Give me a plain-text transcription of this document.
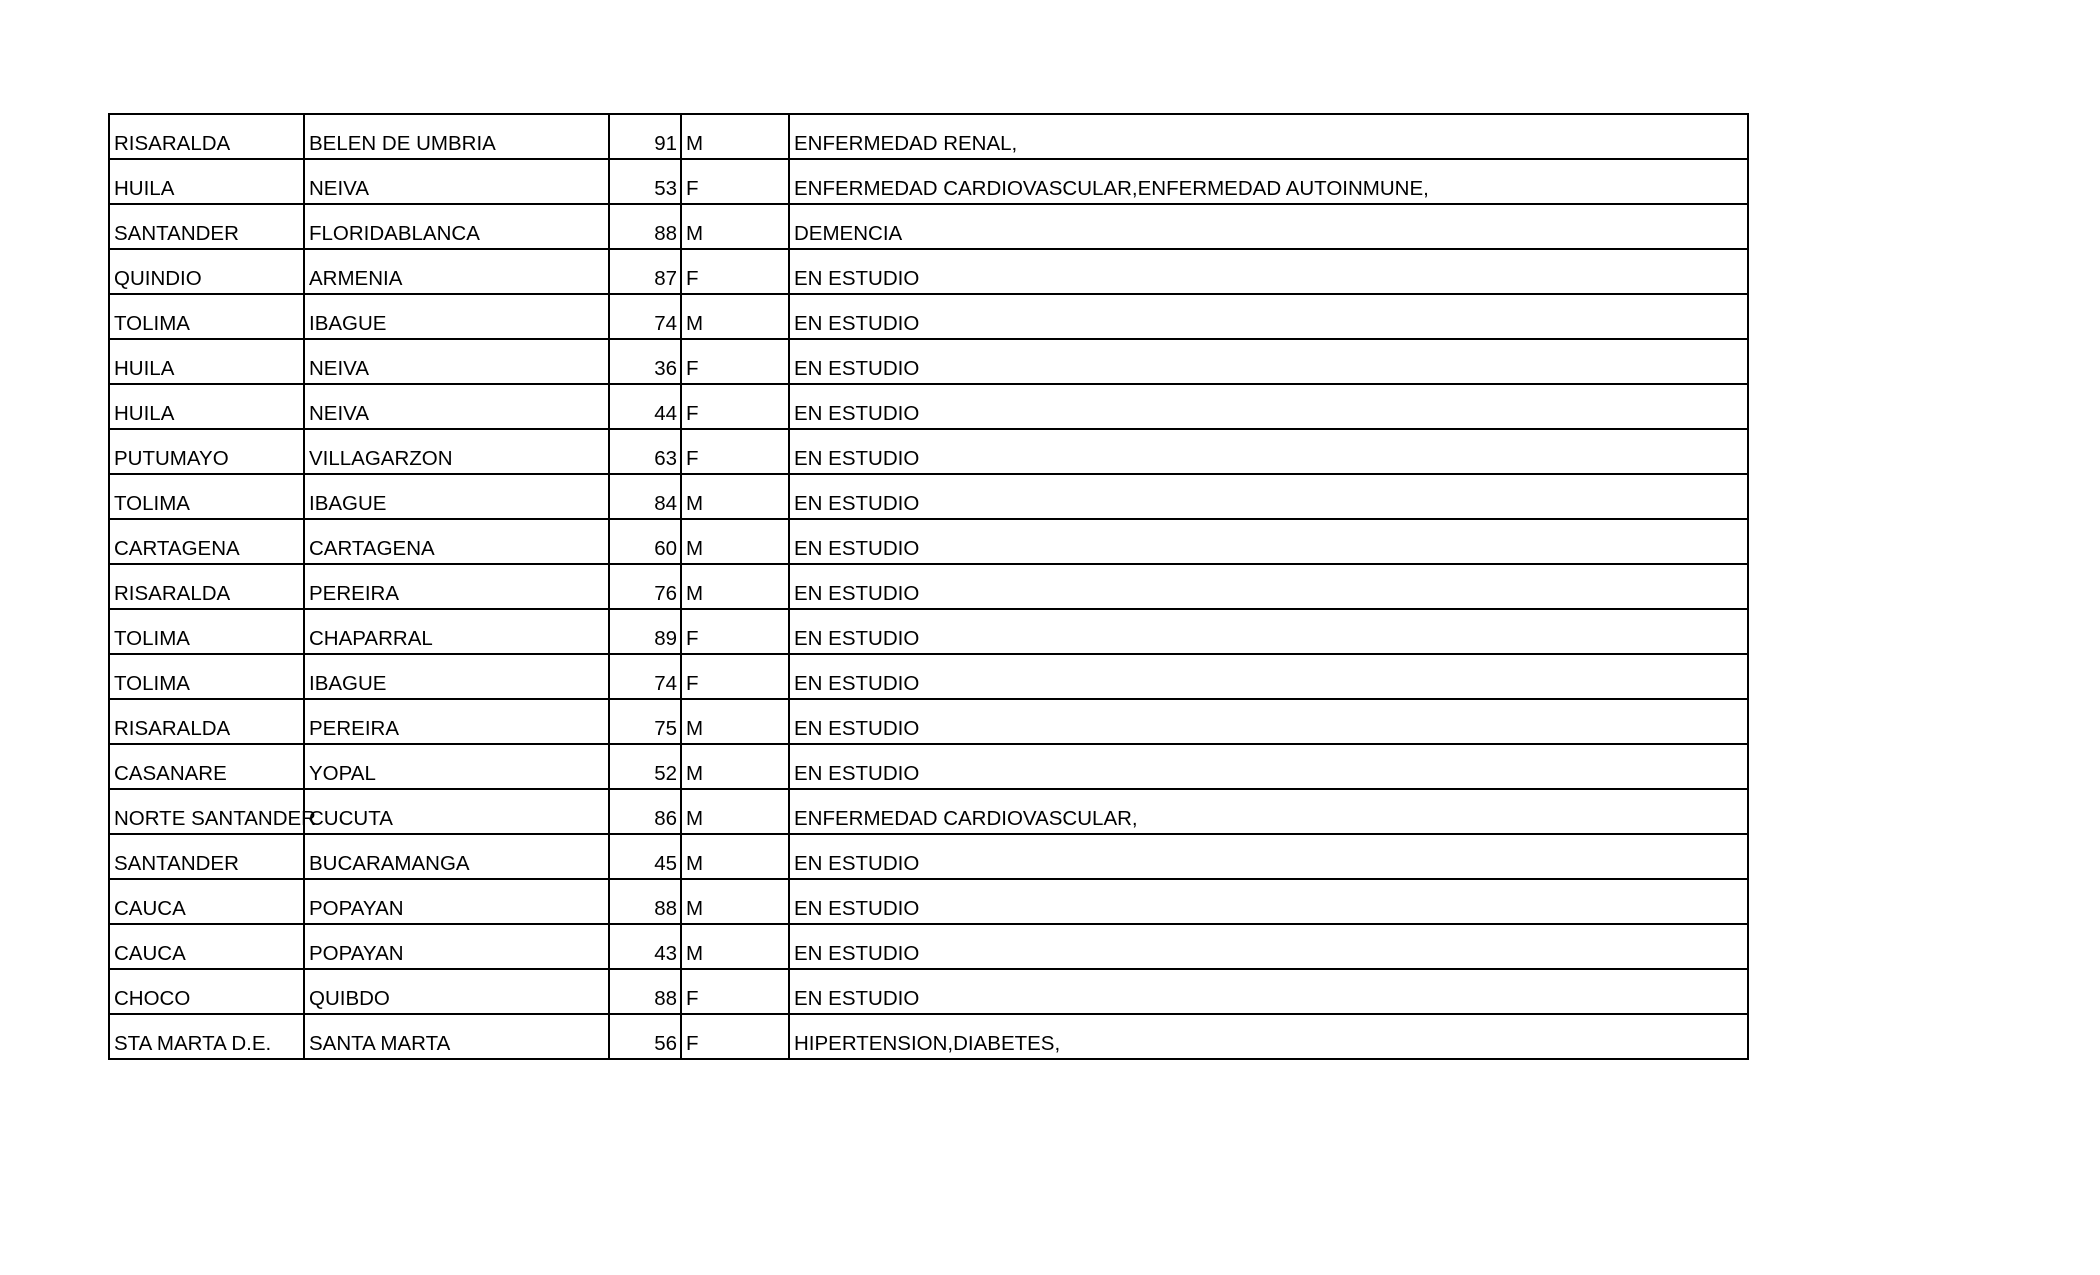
RISARALDA	BELEN DE UMBRIA	91	M	ENFERMEDAD RENAL,
HUILA	NEIVA	53	F	ENFERMEDAD CARDIOVASCULAR,ENFERMEDAD AUTOINMUNE,
SANTANDER	FLORIDABLANCA	88	M	DEMENCIA
QUINDIO	ARMENIA	87	F	EN ESTUDIO
TOLIMA	IBAGUE	74	M	EN ESTUDIO
HUILA	NEIVA	36	F	EN ESTUDIO
HUILA	NEIVA	44	F	EN ESTUDIO
PUTUMAYO	VILLAGARZON	63	F	EN ESTUDIO
TOLIMA	IBAGUE	84	M	EN ESTUDIO
CARTAGENA	CARTAGENA	60	M	EN ESTUDIO
RISARALDA	PEREIRA	76	M	EN ESTUDIO
TOLIMA	CHAPARRAL	89	F	EN ESTUDIO
TOLIMA	IBAGUE	74	F	EN ESTUDIO
RISARALDA	PEREIRA	75	M	EN ESTUDIO
CASANARE	YOPAL	52	M	EN ESTUDIO
NORTE SANTANDER	CUCUTA	86	M	ENFERMEDAD CARDIOVASCULAR,
SANTANDER	BUCARAMANGA	45	M	EN ESTUDIO
CAUCA	POPAYAN	88	M	EN ESTUDIO
CAUCA	POPAYAN	43	M	EN ESTUDIO
CHOCO	QUIBDO	88	F	EN ESTUDIO
STA MARTA D.E.	SANTA MARTA	56	F	HIPERTENSION,DIABETES,
